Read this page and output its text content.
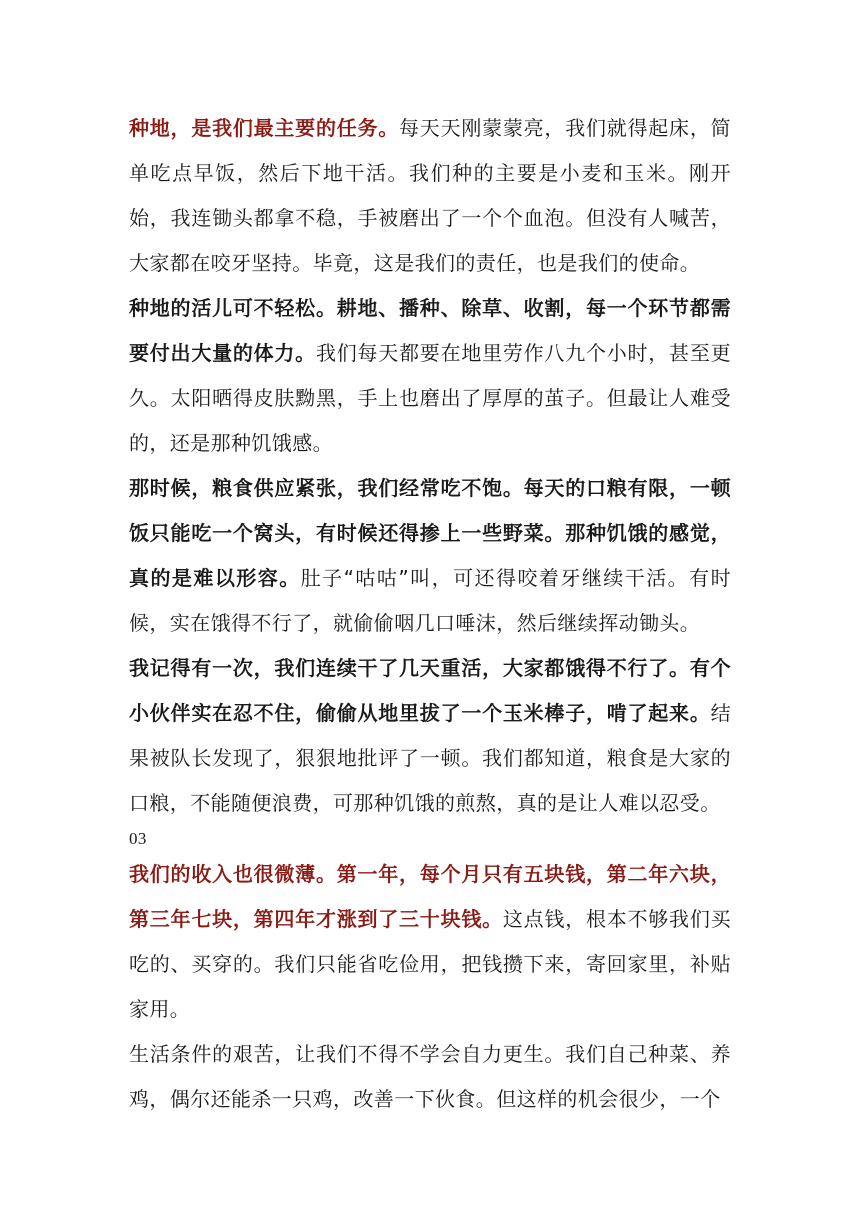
种地，是我们最主要的任务。每天天刚蒙蒙亮，我们就得起床，简单吃点早饭，然后下地干活。我们种的主要是小麦和玉米。刚开始，我连锄头都拿不稳，手被磨出了一个个血泡。但没有人喊苦，大家都在咬牙坚持。毕竟，这是我们的责任，也是我们的使命。

种地的活儿可不轻松。耕地、播种、除草、收割，每一个环节都需要付出大量的体力。我们每天都要在地里劳作八九个小时，甚至更久。太阳晒得皮肤黝黑，手上也磨出了厚厚的茧子。但最让人难受的，还是那种饥饿感。

那时候，粮食供应紧张，我们经常吃不饱。每天的口粮有限，一顿饭只能吃一个窝头，有时候还得掺上一些野菜。那种饥饿的感觉，真的是难以形容。肚子“咕咕”叫，可还得咬着牙继续干活。有时候，实在饿得不行了，就偷偷咽几口唾沫，然后继续挥动锄头。

我记得有一次，我们连续干了几天重活，大家都饿得不行了。有个小伙伴实在忍不住，偷偷从地里拔了一个玉米棒子，啃了起来。结果被队长发现了，狠狠地批评了一顿。我们都知道，粮食是大家的口粮，不能随便浪费，可那种饥饿的煎熬，真的是让人难以忍受。

03

我们的收入也很微薄。第一年，每个月只有五块钱，第二年六块，第三年七块，第四年才涨到了三十块钱。这点钱，根本不够我们买吃的、买穿的。我们只能省吃俭用，把钱攒下来，寄回家里，补贴家用。

生活条件的艰苦，让我们不得不学会自力更生。我们自己种菜、养鸡，偶尔还能杀一只鸡，改善一下伙食。但这样的机会很少，一个
